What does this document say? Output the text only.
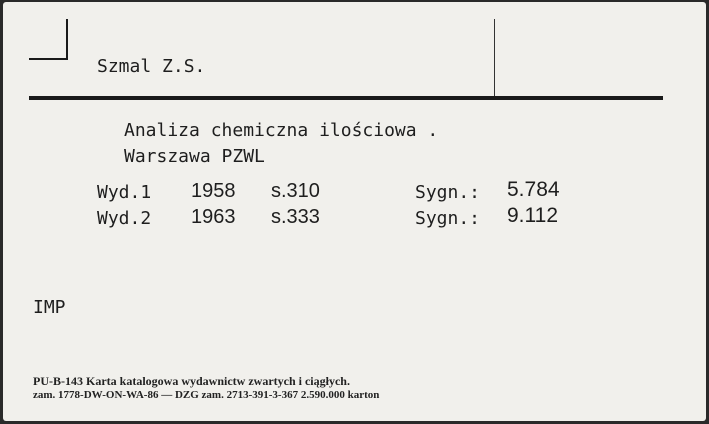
Szmal Z.S.
Analiza chemiczna ilościowa .
Warszawa PZWL
Wyd.1 1958 s.310	Sygn.: 5.784
Wyd.2 1963 s.333	Sygn.: 9.112
IMP
PU-B-143 Karta katalogowa wydawnictw zwartych i ciągłych.
zam. 1778-DW-ON-WA-86 — DZG zam. 2713-391-3-367 2.590.000 karton
